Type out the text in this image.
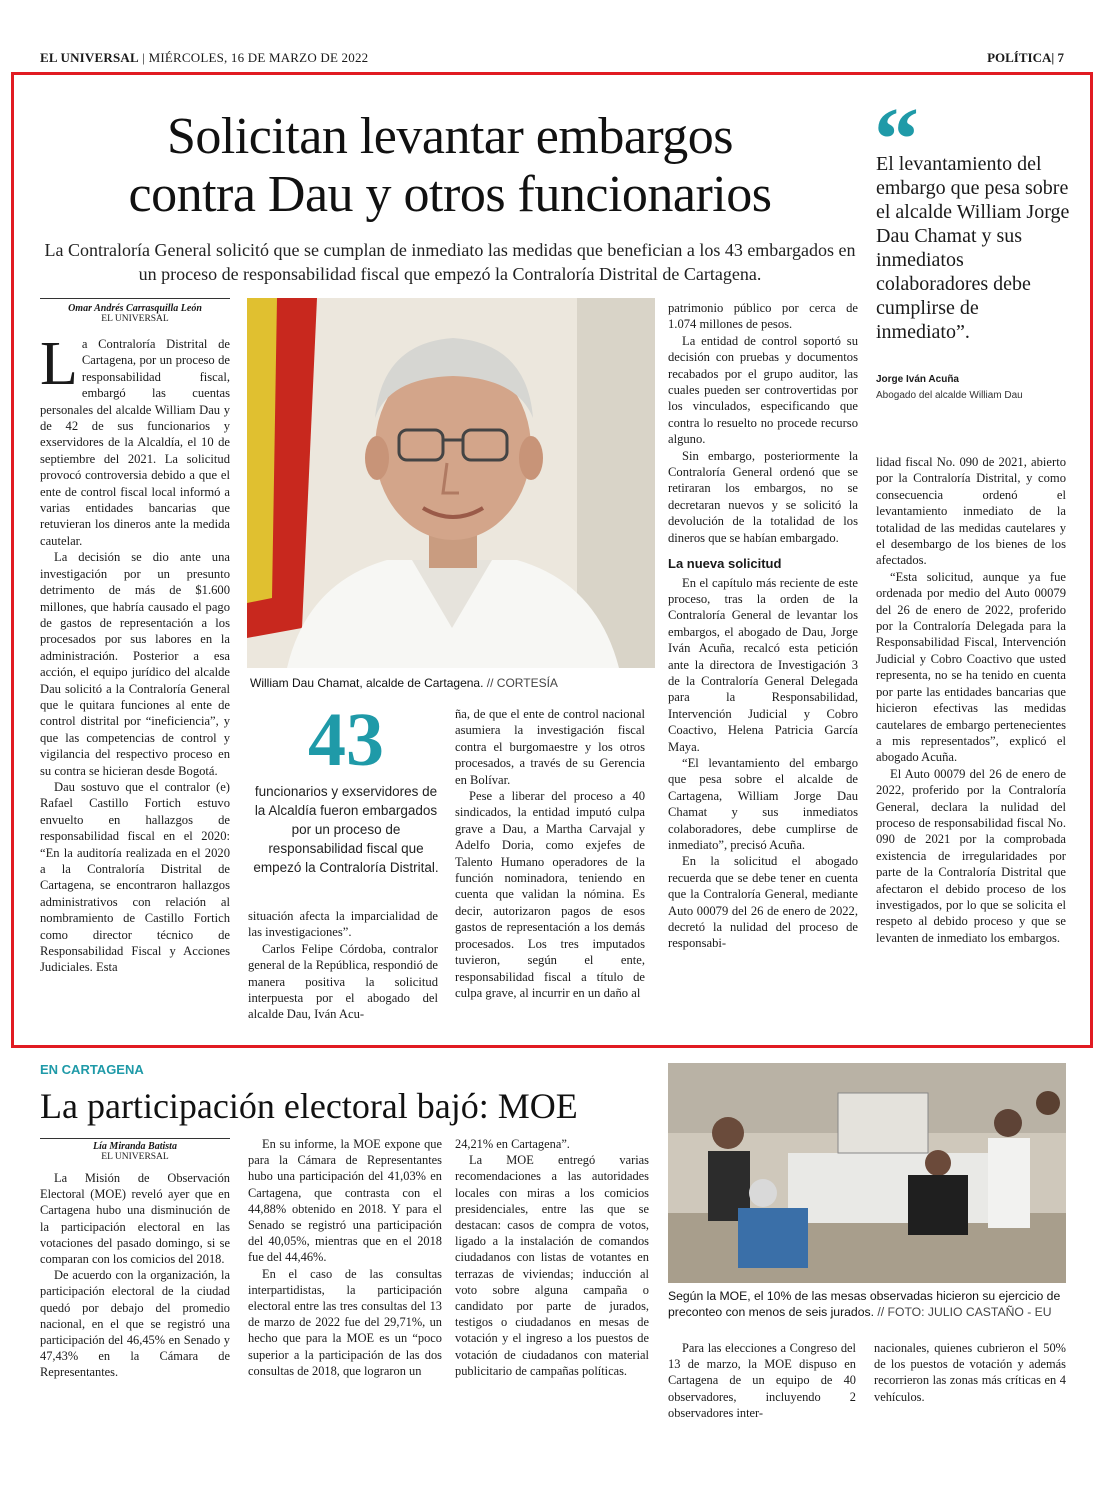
EL UNIVERSAL | MIÉRCOLES, 16 DE MARZO DE 2022	POLÍTICA| 7
Solicitan levantar embargos
contra Dau y otros funcionarios
La Contraloría General solicitó que se cumplan de inmediato las medidas que benefician a los 43 embargados en un proceso de responsabilidad fiscal que empezó la Contraloría Distrital de Cartagena.
“
El levantamiento del embargo que pesa sobre el alcalde William Jorge Dau Chamat y sus inmediatos colaboradores debe cumplirse de inmediato”.
Jorge Iván Acuña
Abogado del alcalde William Dau
Omar Andrés Carrasquilla León
EL UNIVERSAL

La Contraloría Distrital de Cartagena, por un proceso de responsabilidad fiscal, embargó las cuentas personales del alcalde William Dau y de 42 de sus funcionarios y exservidores de la Alcaldía, el 10 de septiembre del 2021. La solicitud provocó controversia debido a que el ente de control fiscal local informó a varias entidades bancarias que retuvieran los dineros ante la medida cautelar.

La decisión se dio ante una investigación por un presunto detrimento de más de $1.600 millones, que habría causado el pago de gastos de representación a los procesados por sus labores en la administración. Posterior a esa acción, el equipo jurídico del alcalde Dau solicitó a la Contraloría General que le quitara funciones al ente de control distrital por “ineficiencia”, y que las competencias de control y vigilancia del respectivo proceso en su contra se hicieran desde Bogotá.

Dau sostuvo que el contralor (e) Rafael Castillo Fortich estuvo envuelto en hallazgos de responsabilidad fiscal en el 2020: “En la auditoría realizada en el 2020 a la Contraloría Distrital de Cartagena, se encontraron hallazgos administrativos con relación al nombramiento de Castillo Fortich como director técnico de Responsabilidad Fiscal y Acciones Judiciales. Esta

William Dau Chamat, alcalde de Cartagena. // CORTESÍA
43
funcionarios y exservidores de la Alcaldía fueron embargados por un proceso de responsabilidad fiscal que empezó la Contraloría Distrital.

situación afecta la imparcialidad de las investigaciones”.

Carlos Felipe Córdoba, contralor general de la República, respondió de manera positiva la solicitud interpuesta por el abogado del alcalde Dau, Iván Acu-

ña, de que el ente de control nacional asumiera la investigación fiscal contra el burgomaestre y los otros procesados, a través de su Gerencia en Bolívar.

Pese a liberar del proceso a 40 sindicados, la entidad imputó culpa grave a Dau, a Martha Carvajal y Adelfo Doria, como exjefes de Talento Humano operadores de la función nominadora, teniendo en cuenta que validan la nómina. Es decir, autorizaron pagos de esos gastos de representación a los demás procesados. Los tres imputados tuvieron, según el ente, responsabilidad fiscal a título de culpa grave, al incurrir en un daño al

patrimonio público por cerca de 1.074 millones de pesos.

La entidad de control soportó su decisión con pruebas y documentos recabados por el grupo auditor, las cuales pueden ser controvertidas por los vinculados, especificando que contra lo resuelto no procede recurso alguno.

Sin embargo, posteriormente la Contraloría General ordenó que se retiraran los embargos, no se decretaran nuevos y se solicitó la devolución de la totalidad de los dineros que se habían embargado.

La nueva solicitud

En el capítulo más reciente de este proceso, tras la orden de la Contraloría General de levantar los embargos, el abogado de Dau, Jorge Iván Acuña, recalcó esta petición ante la directora de Investigación 3 de la Contraloría General Delegada para la Responsabilidad, Intervención Judicial y Cobro Coactivo, Helena Patricia García Maya.

“El levantamiento del embargo que pesa sobre el alcalde de Cartagena, William Jorge Dau Chamat y sus inmediatos colaboradores, debe cumplirse de inmediato”, precisó Acuña.

En la solicitud el abogado recuerda que se debe tener en cuenta que la Contraloría General, mediante Auto 00079 del 26 de enero de 2022, decretó la nulidad del proceso de responsabi-

lidad fiscal No. 090 de 2021, abierto por la Contraloría Distrital, y como consecuencia ordenó el levantamiento inmediato de la totalidad de las medidas cautelares y el desembargo de los bienes de los afectados.

“Esta solicitud, aunque ya fue ordenada por medio del Auto 00079 del 26 de enero de 2022, proferido por la Contraloría Delegada para la Responsabilidad Fiscal, Intervención Judicial y Cobro Coactivo que usted representa, no se ha tenido en cuenta por parte las entidades bancarias que hicieron efectivas las medidas cautelares de embargo pertenecientes a mis representados”, explicó el abogado Acuña.

El Auto 00079 del 26 de enero de 2022, proferido por la Contraloría General, declara la nulidad del proceso de responsabilidad fiscal No. 090 de 2021 por la comprobada existencia de irregularidades por parte de la Contraloría Distrital que afectaron el debido proceso de los investigados, por lo que se solicita el respeto al debido proceso y que se levanten de inmediato los embargos.

EN CARTAGENA
La participación electoral bajó: MOE
Lía Miranda Batista
EL UNIVERSAL

La Misión de Observación Electoral (MOE) reveló ayer que en Cartagena hubo una disminución de la participación electoral en las votaciones del pasado domingo, si se comparan con los comicios del 2018.

De acuerdo con la organización, la participación electoral de la ciudad quedó por debajo del promedio nacional, en el que se registró una participación del 46,45% en Senado y 47,43% en la Cámara de Representantes.

En su informe, la MOE expone que para la Cámara de Representantes hubo una participación del 41,03% en Cartagena, que contrasta con el 44,88% obtenido en 2018. Y para el Senado se registró una participación del 40,05%, mientras que en el 2018 fue del 44,46%.

En el caso de las consultas interpartidistas, la participación electoral entre las tres consultas del 13 de marzo de 2022 fue del 29,71%, un hecho que para la MOE es un “poco superior a la participación de las dos consultas de 2018, que lograron un

24,21% en Cartagena”.

La MOE entregó varias recomendaciones a las autoridades locales con miras a los comicios presidenciales, entre las que se destacan: casos de compra de votos, ligado a la instalación de comandos ciudadanos con listas de votantes en terrazas de viviendas; inducción al voto sobre alguna campaña o candidato por parte de jurados, testigos o ciudadanos en mesas de votación y el ingreso a los puestos de votación de ciudadanos con material publicitario de campañas políticas.

Según la MOE, el 10% de las mesas observadas hicieron su ejercicio de preconteo con menos de seis jurados. // FOTO: JULIO CASTAÑO - EU

Para las elecciones a Congreso del 13 de marzo, la MOE dispuso en Cartagena de un equipo de 40 observadores, incluyendo 2 observadores inter-

nacionales, quienes cubrieron el 50% de los puestos de votación y además recorrieron las zonas más críticas en 4 vehículos.
